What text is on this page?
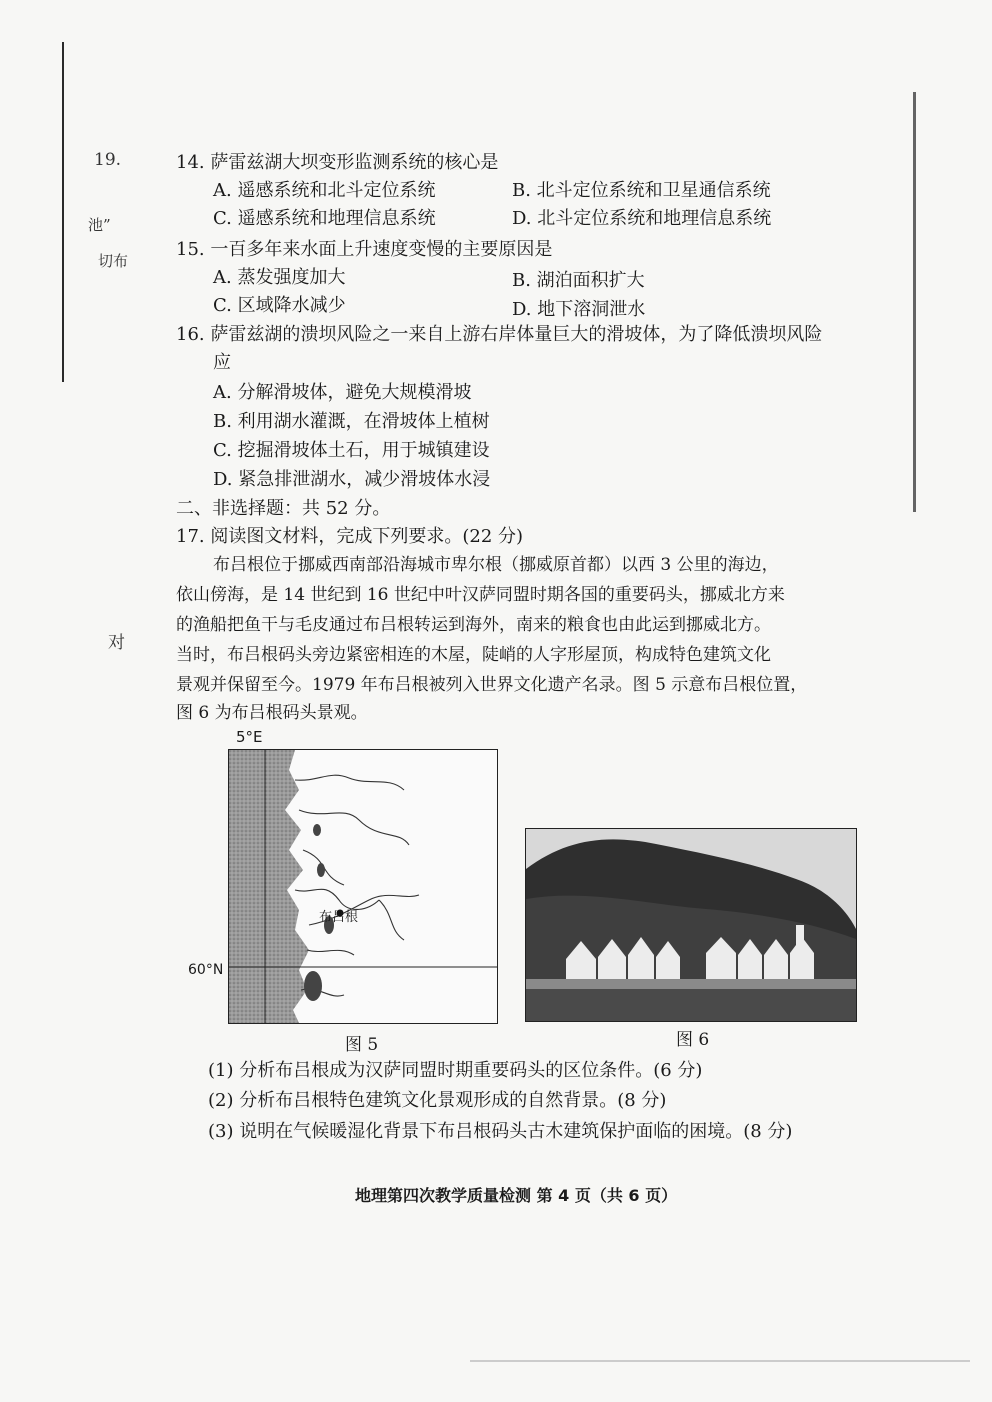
19.
池”
切布
对
14. 萨雷兹湖大坝变形监测系统的核心是
A. 遥感系统和北斗定位系统	B. 北斗定位系统和卫星通信系统
C. 遥感系统和地理信息系统	D. 北斗定位系统和地理信息系统
15. 一百多年来水面上升速度变慢的主要原因是
A. 蒸发强度加大	B. 湖泊面积扩大
C. 区域降水减少	D. 地下溶洞泄水
16. 萨雷兹湖的溃坝风险之一来自上游右岸体量巨大的滑坡体，为了降低溃坝风险
应
A. 分解滑坡体，避免大规模滑坡
B. 利用湖水灌溉，在滑坡体上植树
C. 挖掘滑坡体土石，用于城镇建设
D. 紧急排泄湖水，减少滑坡体水浸
二、非选择题：共 52 分。
17. 阅读图文材料，完成下列要求。(22 分)
布吕根位于挪威西南部沿海城市卑尔根（挪威原首都）以西 3 公里的海边，
依山傍海，是 14 世纪到 16 世纪中叶汉萨同盟时期各国的重要码头，挪威北方来
的渔船把鱼干与毛皮通过布吕根转运到海外，南来的粮食也由此运到挪威北方。
当时，布吕根码头旁边紧密相连的木屋，陡峭的人字形屋顶，构成特色建筑文化
景观并保留至今。1979 年布吕根被列入世界文化遗产名录。图 5 示意布吕根位置，
图 6 为布吕根码头景观。
5°E
布吕根
60°N
图 5	图 6
(1) 分析布吕根成为汉萨同盟时期重要码头的区位条件。(6 分)
(2) 分析布吕根特色建筑文化景观形成的自然背景。(8 分)
(3) 说明在气候暖湿化背景下布吕根码头古木建筑保护面临的困境。(8 分)
地理第四次教学质量检测 第 4 页（共 6 页）
